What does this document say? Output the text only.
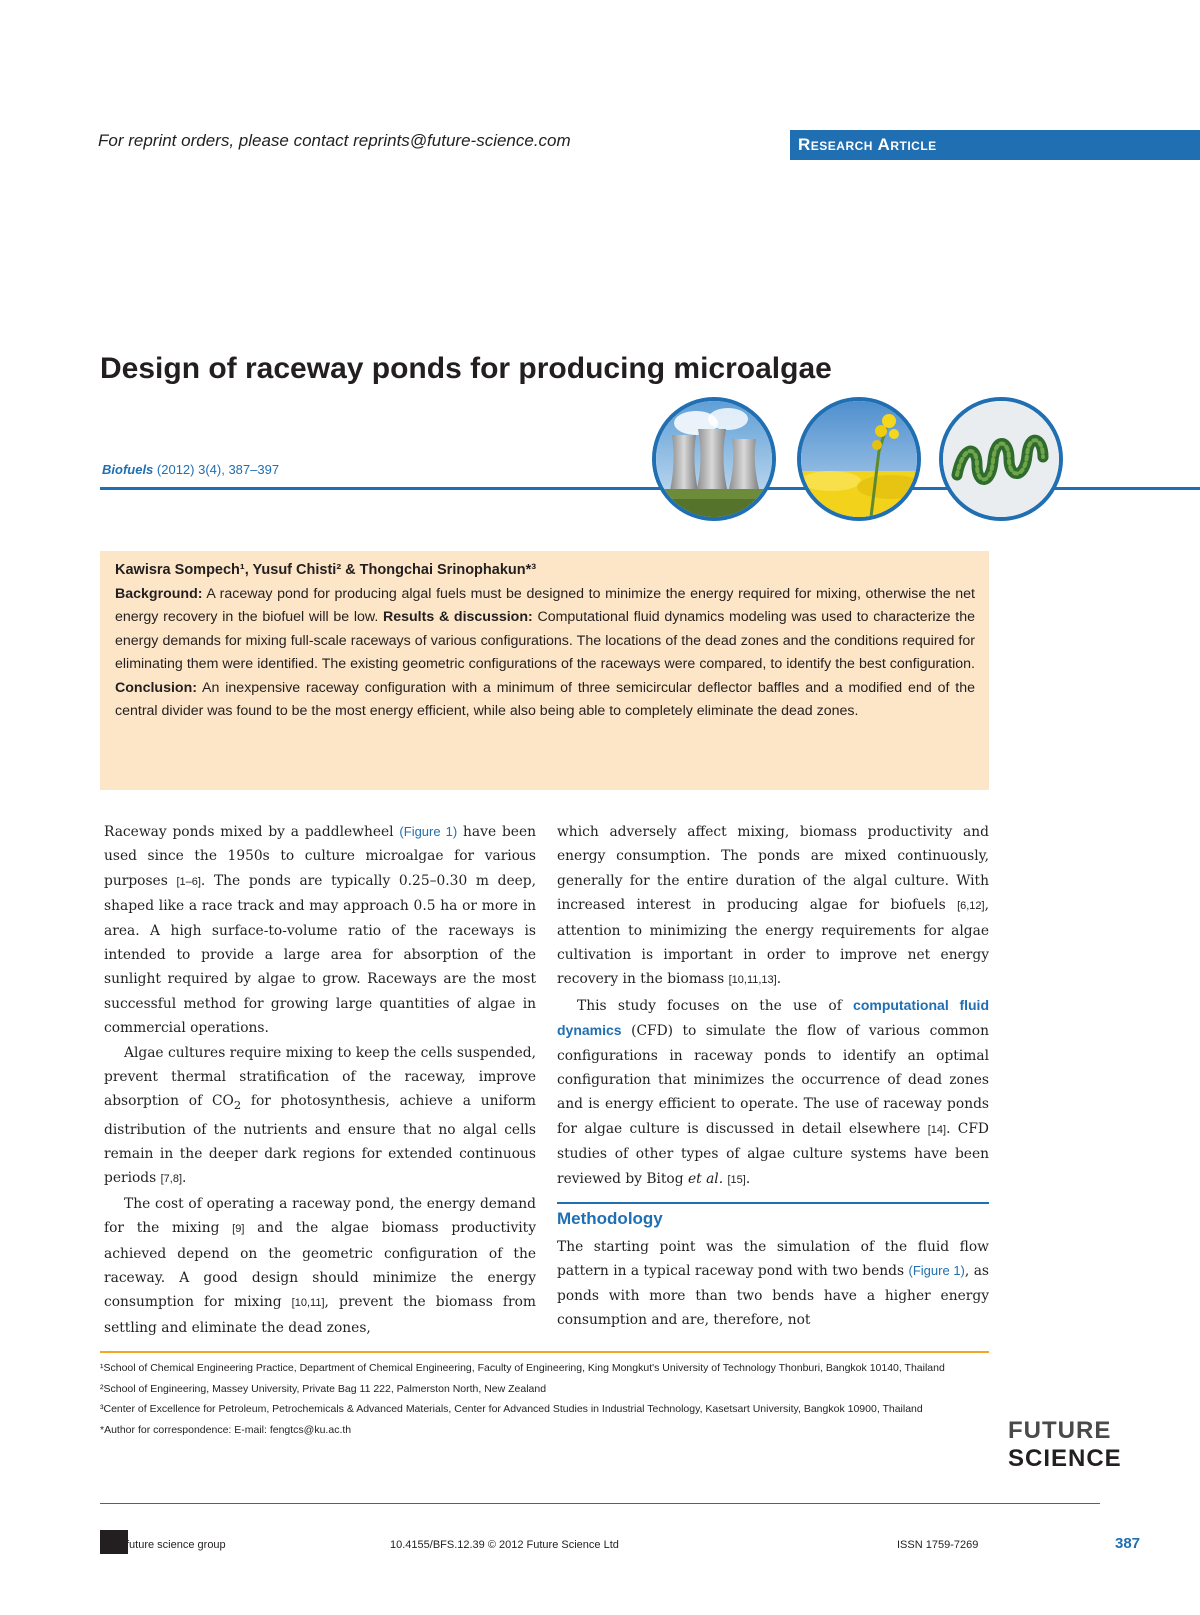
For reprint orders, please contact reprints@future-science.com	Research Article
Design of raceway ponds for producing microalgae
Biofuels (2012) 3(4), 387–397
Kawisra Sompech¹, Yusuf Chisti² & Thongchai Srinophakun*³
Background: A raceway pond for producing algal fuels must be designed to minimize the energy required for mixing, otherwise the net energy recovery in the biofuel will be low. Results & discussion: Computational fluid dynamics modeling was used to characterize the energy demands for mixing full-scale raceways of various configurations. The locations of the dead zones and the conditions required for eliminating them were identified. The existing geometric configurations of the raceways were compared, to identify the best configuration. Conclusion: An inexpensive raceway configuration with a minimum of three semicircular deflector baffles and a modified end of the central divider was found to be the most energy efficient, while also being able to completely eliminate the dead zones.

Raceway ponds mixed by a paddlewheel (Figure 1) have been used since the 1950s to culture microalgae for various purposes [1–6]. The ponds are typically 0.25–0.30 m deep, shaped like a race track and may approach 0.5 ha or more in area. A high surface-to-volume ratio of the raceways is intended to provide a large area for absorption of the sunlight required by algae to grow. Raceways are the most successful method for growing large quantities of algae in commercial operations.

Algae cultures require mixing to keep the cells suspended, prevent thermal stratification of the raceway, improve absorption of $CO_2$ for photosynthesis, achieve a uniform distribution of the nutrients and ensure that no algal cells remain in the deeper dark regions for extended continuous periods [7,8].

The cost of operating a raceway pond, the energy demand for the mixing [9] and the algae biomass productivity achieved depend on the geometric configuration of the raceway. A good design should minimize the energy consumption for mixing [10,11], prevent the biomass from settling and eliminate the dead zones,

which adversely affect mixing, biomass productivity and energy consumption. The ponds are mixed continuously, generally for the entire duration of the algal culture. With increased interest in producing algae for biofuels [6,12], attention to minimizing the energy requirements for algae cultivation is important in order to improve net energy recovery in the biomass [10,11,13].

This study focuses on the use of computational fluid dynamics (CFD) to simulate the flow of various common configurations in raceway ponds to identify an optimal configuration that minimizes the occurrence of dead zones and is energy efficient to operate. The use of raceway ponds for algae culture is discussed in detail elsewhere [14]. CFD studies of other types of algae culture systems have been reviewed by Bitog et al. [15].

Methodology

The starting point was the simulation of the fluid flow pattern in a typical raceway pond with two bends (Figure 1), as ponds with more than two bends have a higher energy consumption and are, therefore, not

¹School of Chemical Engineering Practice, Department of Chemical Engineering, Faculty of Engineering, King Mongkut's University of Technology Thonburi, Bangkok 10140, Thailand
²School of Engineering, Massey University, Private Bag 11 222, Palmerston North, New Zealand
³Center of Excellence for Petroleum, Petrochemicals & Advanced Materials, Center for Advanced Studies in Industrial Technology, Kasetsart University, Bangkok 10900, Thailand
*Author for correspondence: E-mail: fengtcs@ku.ac.th	FUTURE
SCIENCE
future science group	10.4155/BFS.12.39 © 2012 Future Science Ltd	ISSN 1759-7269	387
